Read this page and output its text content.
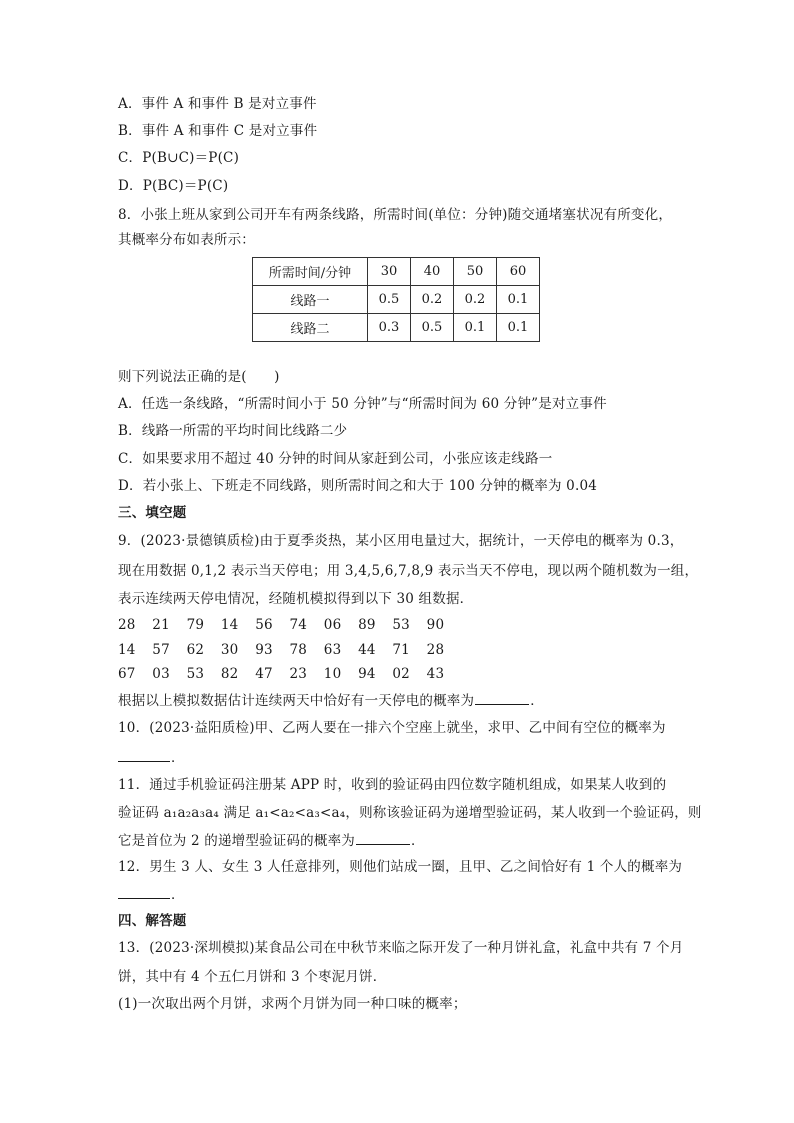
A．事件 A 和事件 B 是对立事件
B．事件 A 和事件 C 是对立事件
C．P(B∪C)＝P(C)
D．P(BC)＝P(C)
8．小张上班从家到公司开车有两条线路，所需时间(单位：分钟)随交通堵塞状况有所变化，
其概率分布如表所示：
所需时间/分钟	30	40	50	60
线路一	0.5	0.2	0.2	0.1
线路二	0.3	0.5	0.1	0.1
则下列说法正确的是(　　)
A．任选一条线路，“所需时间小于 50 分钟”与“所需时间为 60 分钟”是对立事件
B．线路一所需的平均时间比线路二少
C．如果要求用不超过 40 分钟的时间从家赶到公司，小张应该走线路一
D．若小张上、下班走不同线路，则所需时间之和大于 100 分钟的概率为 0.04
三、填空题
9．(2023·景德镇质检)由于夏季炎热，某小区用电量过大，据统计，一天停电的概率为 0.3，
现在用数据 0,1,2 表示当天停电；用 3,4,5,6,7,8,9 表示当天不停电，现以两个随机数为一组，
表示连续两天停电情况，经随机模拟得到以下 30 组数据．
28 21 79 14 56 74 06 89 53 90
14 57 62 30 93 78 63 44 71 28
67 03 53 82 47 23 10 94 02 43
根据以上模拟数据估计连续两天中恰好有一天停电的概率为	．
10．(2023·益阳质检)甲、乙两人要在一排六个空座上就坐，求甲、乙中间有空位的概率为
．
11．通过手机验证码注册某 APP 时，收到的验证码由四位数字随机组成，如果某人收到的
验证码 a₁a₂a₃a₄ 满足 a₁<a₂<a₃<a₄，则称该验证码为递增型验证码，某人收到一个验证码，则
它是首位为 2 的递增型验证码的概率为	．
12．男生 3 人、女生 3 人任意排列，则他们站成一圈，且甲、乙之间恰好有 1 个人的概率为
．
四、解答题
13．(2023·深圳模拟)某食品公司在中秋节来临之际开发了一种月饼礼盒，礼盒中共有 7 个月
饼，其中有 4 个五仁月饼和 3 个枣泥月饼．
(1)一次取出两个月饼，求两个月饼为同一种口味的概率；
